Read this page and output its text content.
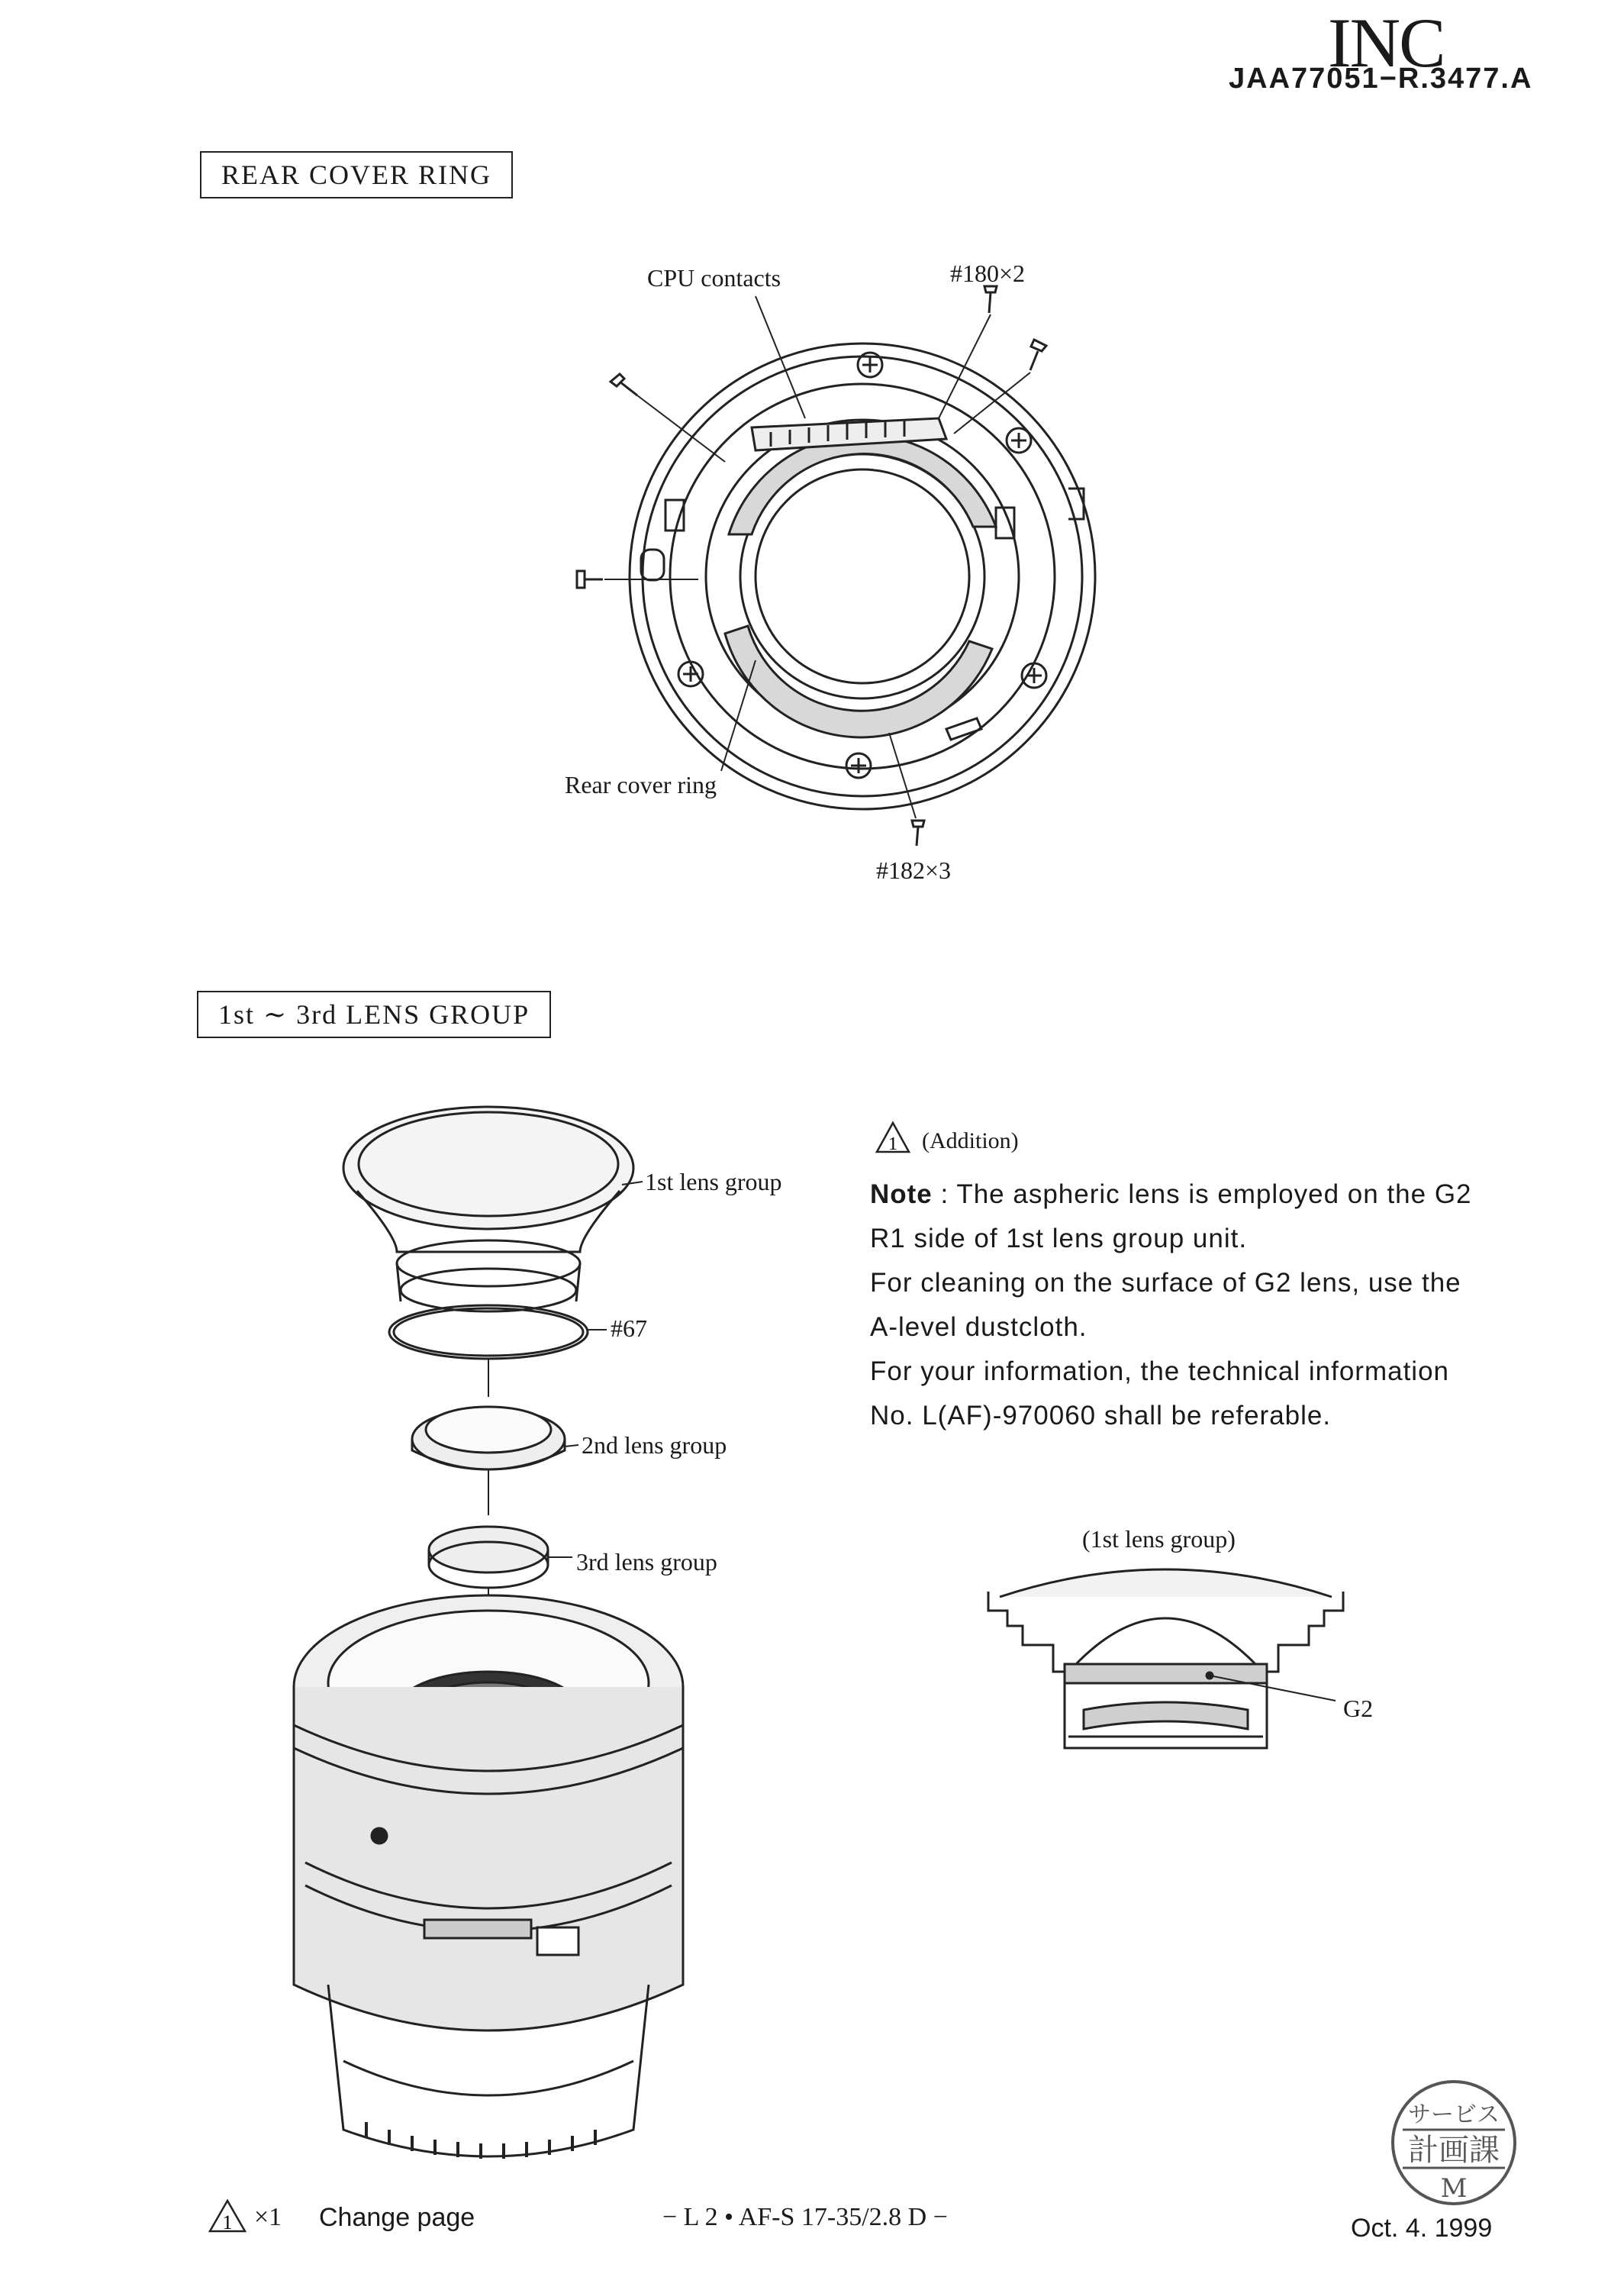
INC
JAA77051−R.3477.A
REAR COVER RING
1st ∼ 3rd LENS GROUP
CPU contacts	#180×2
Rear cover ring
#182×3
1st lens group
#67
2nd lens group
3rd lens group
1 (Addition)

Note : The aspheric lens is employed on the G2

R1 side of 1st lens group unit.

For cleaning on the surface of G2 lens, use the

A-level dustcloth.

For your information, the technical information

No. L(AF)-970060 shall be referable.

(1st lens group)
G2
1 ×1 Change page	− L 2 • AF-S 17-35/2.8 D −	Oct. 4. 1999
サービス
計画課
M
